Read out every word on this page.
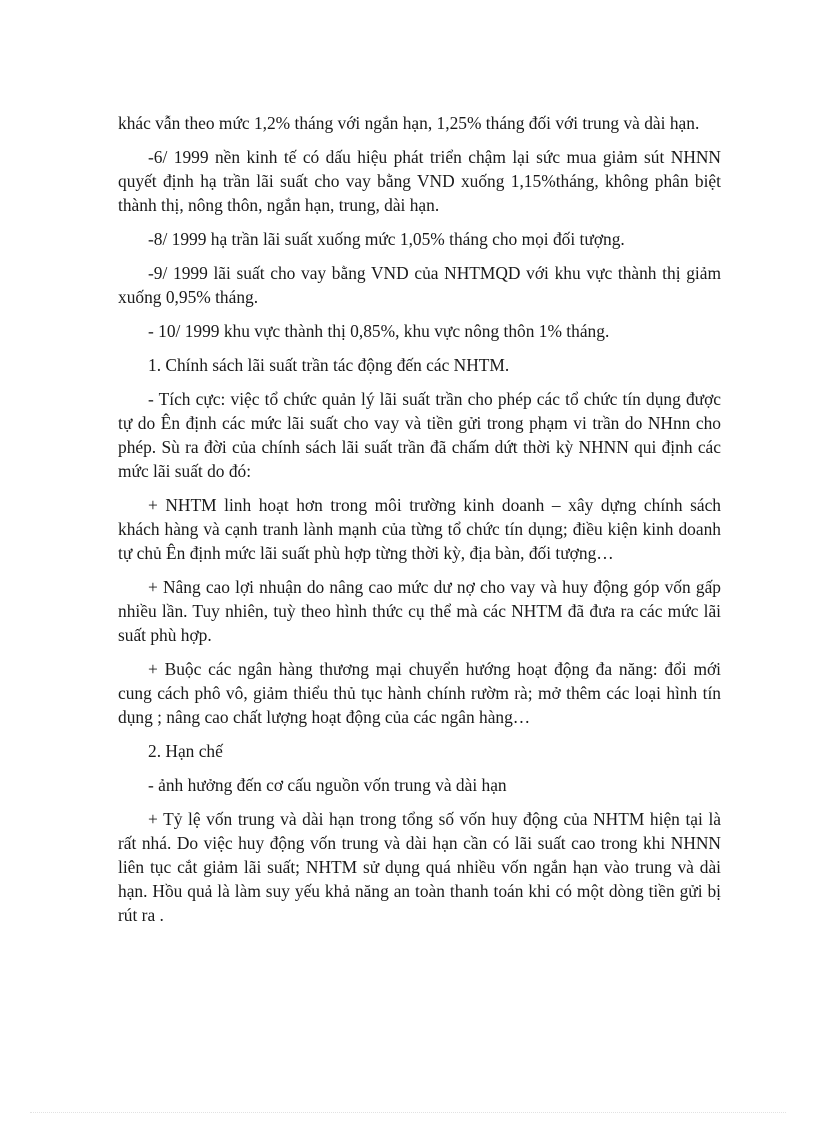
khác vẫn theo mức 1,2% tháng với ngắn hạn, 1,25% tháng đối với trung và dài hạn.

-6/ 1999 nền kinh tế có dấu hiệu phát triển chậm lại sức mua giảm sút NHNN quyết định hạ trần lãi suất cho vay bằng VND xuống 1,15%tháng, không phân biệt thành thị, nông thôn, ngắn hạn, trung, dài hạn.

-8/ 1999 hạ trần lãi suất xuống mức 1,05% tháng cho mọi đối tượng.

-9/ 1999 lãi suất cho vay bằng VND của NHTMQD với khu vực thành thị giảm xuống 0,95% tháng.

- 10/ 1999 khu vực thành thị 0,85%, khu vực nông thôn 1% tháng.

1. Chính sách lãi suất trần tác động đến các NHTM.

- Tích cực: việc tổ chức quản lý lãi suất trần cho phép các tổ chức tín dụng được tự do Ên định các mức lãi suất cho vay và tiền gửi trong phạm vi trần do NHnn cho phép. Sù ra đời của chính sách lãi suất trần đã chấm dứt thời kỳ NHNN qui định các mức lãi suất do đó:

+ NHTM linh hoạt hơn trong môi trường kinh doanh – xây dựng chính sách khách hàng và cạnh tranh lành mạnh của từng tổ chức tín dụng; điều kiện kinh doanh tự chủ Ên định mức lãi suất phù hợp từng thời kỳ, địa bàn, đối tượng…

+ Nâng cao lợi nhuận do nâng cao mức dư nợ cho vay và huy động góp vốn gấp nhiều lần. Tuy nhiên, tuỳ theo hình thức cụ thể mà các NHTM đã đưa ra các mức lãi suất phù hợp.

+ Buộc các ngân hàng thương mại chuyển hướng hoạt động đa năng: đổi mới cung cách phô vô, giảm thiểu thủ tục hành chính rườm rà; mở thêm các loại hình tín dụng ; nâng cao chất lượng hoạt động của các ngân hàng…

2. Hạn chế

- ảnh hưởng đến cơ cấu nguồn vốn trung và dài hạn

+ Tỷ lệ vốn trung và dài hạn trong tổng số vốn huy động của NHTM hiện tại là rất nhá. Do việc huy động vốn trung và dài hạn cần có lãi suất cao trong khi NHNN liên tục cắt giảm lãi suất; NHTM sử dụng quá nhiều vốn ngắn hạn vào trung và dài hạn. Hồu quả là làm suy yếu khả năng an toàn thanh toán khi có một dòng tiền gửi bị rút ra .
